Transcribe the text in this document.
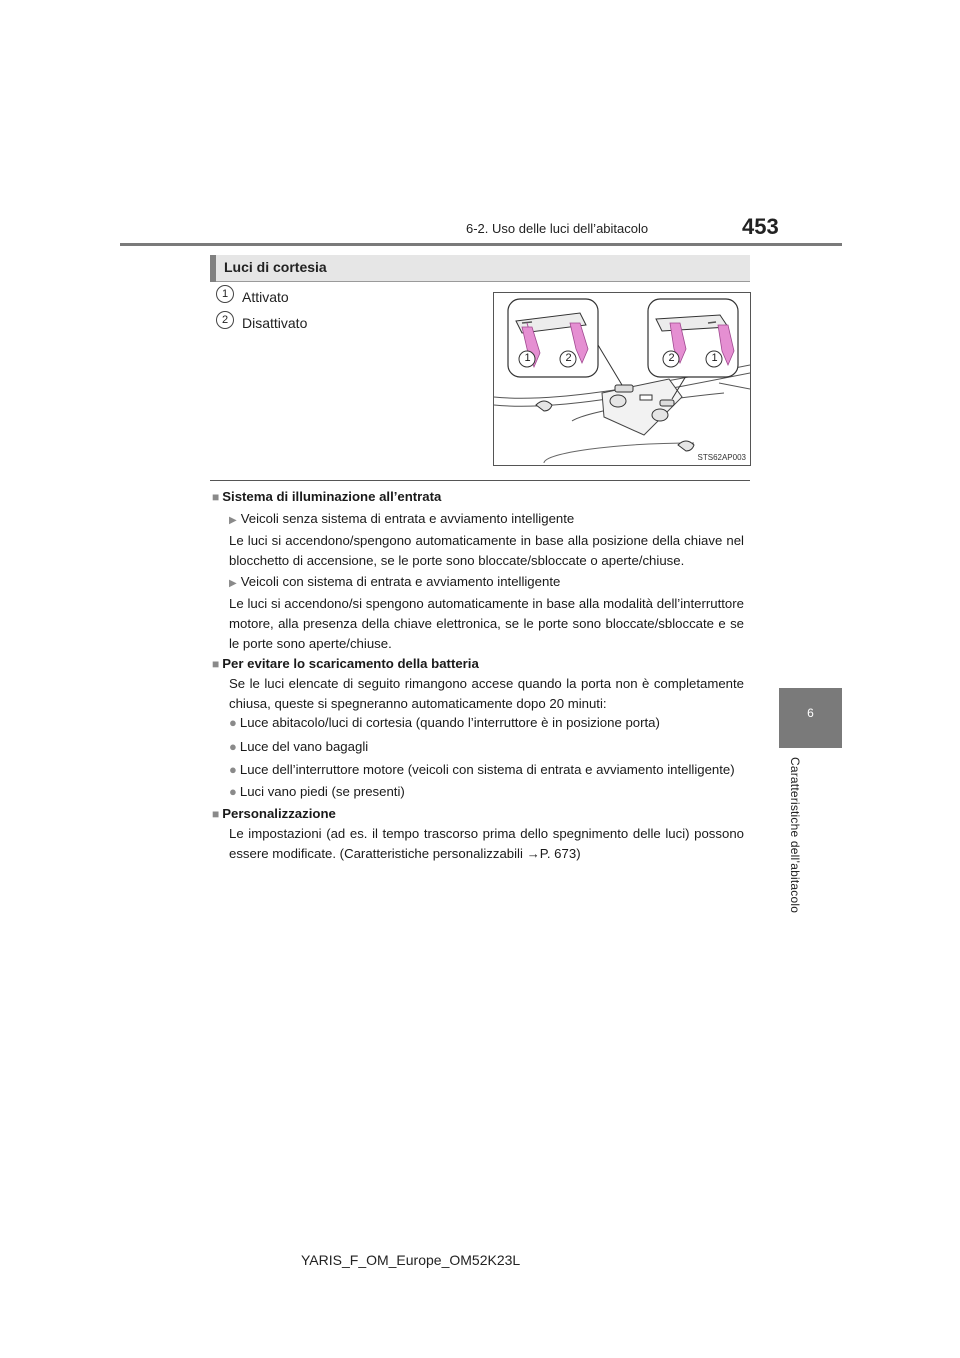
6-2. Uso delle luci dell’abitacolo	453
6
Caratteristiche dell’abitacolo
Luci di cortesia
1 Attivato
2 Disattivato
1	2	2	1
STS62AP003
■ Sistema di illuminazione all’entrata
▶ Veicoli senza sistema di entrata e avviamento intelligente
Le luci si accendono/spengono automaticamente in base alla posizione della chiave nel blocchetto di accensione, se le porte sono bloccate/sbloccate o aperte/chiuse.
▶ Veicoli con sistema di entrata e avviamento intelligente
Le luci si accendono/si spengono automaticamente in base alla modalità dell’interruttore motore, alla presenza della chiave elettronica, se le porte sono bloccate/sbloccate e se le porte sono aperte/chiuse.
■ Per evitare lo scaricamento della batteria
Se le luci elencate di seguito rimangono accese quando la porta non è completamente chiusa, queste si spegneranno automaticamente dopo 20 minuti:
● Luce abitacolo/luci di cortesia (quando l’interruttore è in posizione porta)
● Luce del vano bagagli
● Luce dell’interruttore motore (veicoli con sistema di entrata e avviamento intelligente)
● Luci vano piedi (se presenti)
■ Personalizzazione
Le impostazioni (ad es. il tempo trascorso prima dello spegnimento delle luci) possono essere modificate. (Caratteristiche personalizzabili →P. 673)
YARIS_F_OM_Europe_OM52K23L
